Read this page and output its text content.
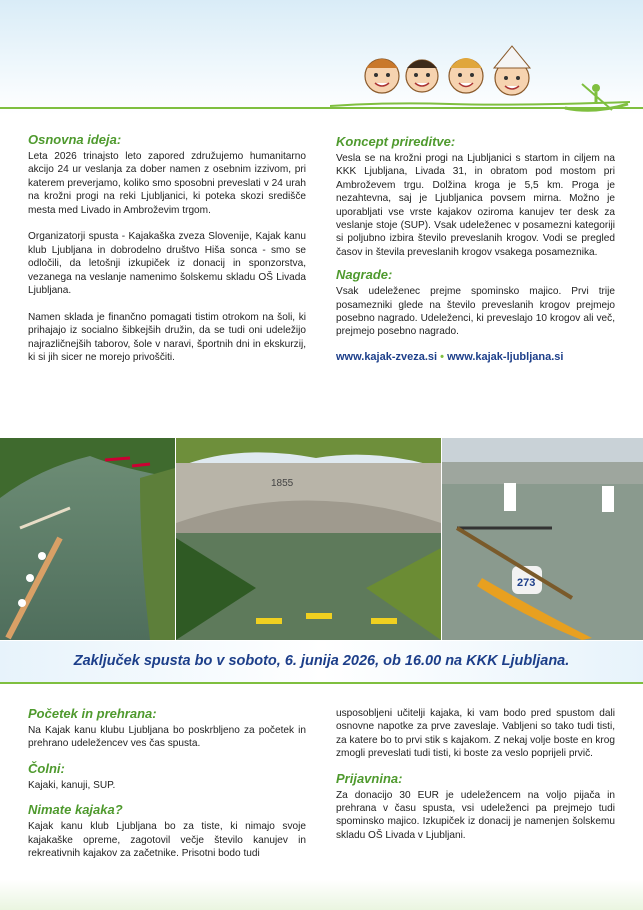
Osnovna ideja:

Leta 2026 trinajsto leto zapored združujemo humanitarno akcijo 24 ur veslanja za dober namen z osebnim izzivom, pri katerem preverjamo, koliko smo sposobni preveslati v 24 urah na krožni progi na reki Ljubljanici, ki poteka skozi središče mesta med Livado in Ambroževim trgom.

Organizatorji spusta - Kajakaška zveza Slovenije, Kajak kanu klub Ljubljana in dobrodelno društvo Hiša sonca - smo se odločili, da letošnji izkupiček iz donacij in sponzorstva, vezanega na veslanje namenimo šolskemu skladu OŠ Livada Ljubljana.

Namen sklada je finančno pomagati tistim otrokom na šoli, ki prihajajo iz socialno šibkejših družin, da se tudi oni udeležijo najrazličnejših taborov, šole v naravi, športnih dni in ekskurzij, ki si jih sicer ne morejo privoščiti.

Koncept prireditve:

Vesla se na krožni progi na Ljubljanici s startom in ciljem na KKK Ljubljana, Livada 31, in obratom pod mostom pri Ambroževem trgu. Dolžina kroga je 5,5 km. Proga je nezahtevna, saj je Ljubljanica povsem mirna. Možno je uporabljati vse vrste kajakov oziroma kanujev ter desk za veslanje stoje (SUP). Vsak udeleženec v posamezni kategoriji si poljubno izbira število preveslanih krogov. Vodi se pregled časov in števila preveslanih krogov vsakega posameznika.

Nagrade:

Vsak udeleženec prejme spominsko majico. Prvi trije posamezniki glede na število preveslanih krogov prejmejo posebno nagrado. Udeleženci, ki preveslajo 10 krogov ali več, prejmejo posebno nagrado.

www.kajak-zveza.si • www.kajak-ljubljana.si
1855
273
Zaključek spusta bo v soboto, 6. junija 2026, ob 16.00 na KKK Ljubljana.
Početek in prehrana:

Na Kajak kanu klubu Ljubljana bo poskrbljeno za početek in prehrano udeležencev ves čas spusta.

Čolni:

Kajaki, kanuji, SUP.

Nimate kajaka?

Kajak kanu klub Ljubljana bo za tiste, ki nimajo svoje kajakaške opreme, zagotovil večje število kanujev in rekreativnih kajakov za začetnike. Prisotni bodo tudi

usposobljeni učitelji kajaka, ki vam bodo pred spustom dali osnovne napotke za prve zaveslaje. Vabljeni so tako tudi tisti, za katere bo to prvi stik s kajakom. Z nekaj volje boste en krog zmogli preveslati tudi tisti, ki boste za veslo poprijeli prvič.

Prijavnina:

Za donacijo 30 EUR je udeležencem na voljo pijača in prehrana v času spusta, vsi udeleženci pa prejmejo tudi spominsko majico. Izkupiček iz donacij je namenjen šolskemu skladu OŠ Livada v Ljubljani.
